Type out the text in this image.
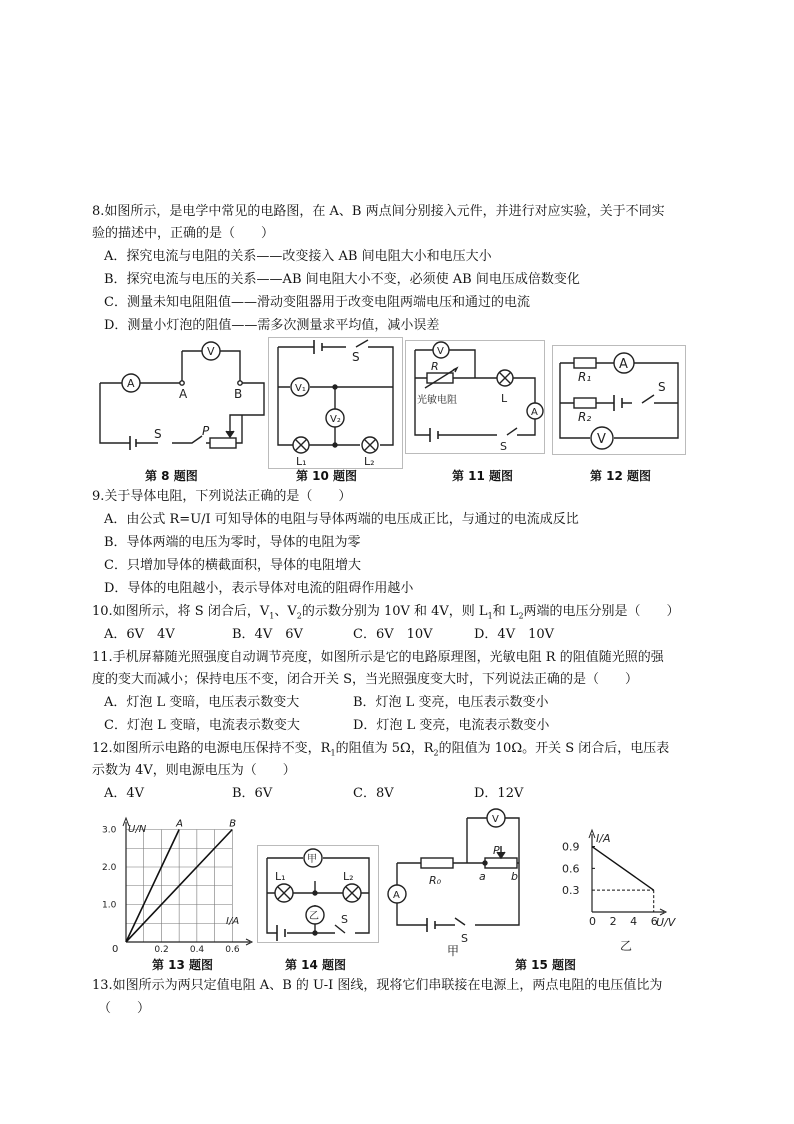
8.如图所示，是电学中常见的电路图，在 A、B 两点间分别接入元件，并进行对应实验，关于不同实
验的描述中，正确的是（　　）
A．探究电流与电阻的关系——改变接入 AB 间电阻大小和电压大小
B．探究电流与电压的关系——AB 间电阻大小不变，必须使 AB 间电压成倍数变化
C．测量未知电阻阻值——滑动变阻器用于改变电阻两端电压和通过的电流
D．测量小灯泡的阻值——需多次测量求平均值，减小误差
A
V
A	B
S	P
第 8 题图
V₁
V₂
S
L₁	L₂
第 10 题图
V
R
光敏电阻	L
A
S
第 11 题图
A
V
R₁
R₂
S
第 12 题图
9.关于导体电阻，下列说法正确的是（　　）
A．由公式 R=U/I 可知导体的电阻与导体两端的电压成正比，与通过的电流成反比
B．导体两端的电压为零时，导体的电阻为零
C．只增加导体的横截面积，导体的电阻增大
D．导体的电阻越小，表示导体对电流的阻碍作用越小
10.如图所示，将 S 闭合后，$V_1$、$V_2$的示数分别为 10V 和 4V，则 $L_1$和 $L_2$两端的电压分别是（　　）
A．6V　4V	B．4V　6V	C．6V　10V	D．4V　10V
11.手机屏幕随光照强度自动调节亮度，如图所示是它的电路原理图，光敏电阻 R 的阻值随光照的强
度的变大而减小；保持电压不变，闭合开关 S，当光照强度变大时，下列说法正确的是（　　）
A．灯泡 L 变暗，电压表示数变大	B．灯泡 L 变亮，电压表示数变小
C．灯泡 L 变暗，电流表示数变大	D．灯泡 L 变亮，电流表示数变小
12.如图所示电路的电源电压保持不变，$R_1$的阻值为 5Ω，$R_2$的阻值为 10Ω。开关 S 闭合后，电压表
示数为 4V，则电源电压为（　　）
A．4V	B．6V	C．8V	D．12V
0.2 0.4 0.6
1.0
2.0
3.0
A	B
U/N
I/A
0
第 13 题图
甲
乙
L₁	L₂
S
第 14 题图
V
A
P
R₀	a b
S
甲
0 2 4 6
0.3
0.6
0.9
I/A
U/V
乙
第 15 题图
13.如图所示为两只定值电阻 A、B 的 U-I 图线，现将它们串联接在电源上，两点电阻的电压值比为
（　　）
